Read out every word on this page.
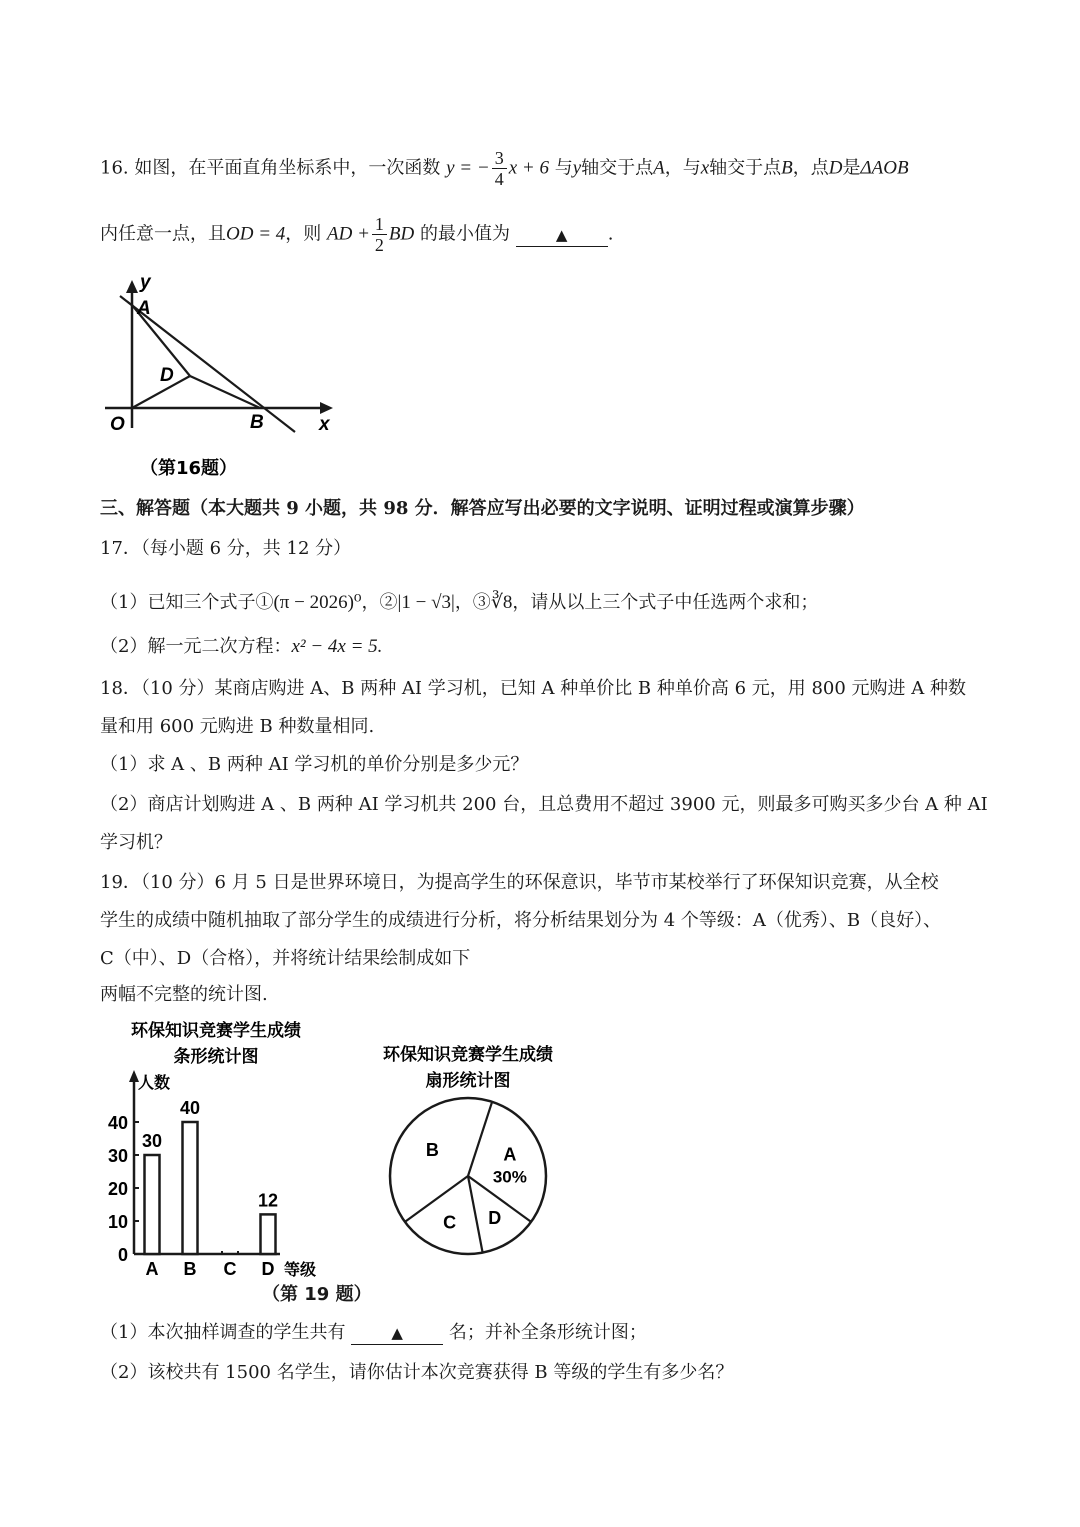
16. 如图，在平面直角坐标系中，一次函数 y = − $\frac{3}{4}$ x + 6 与y轴交于点A，与x轴交于点B，点D是ΔAOB
内任意一点，且OD = 4，则 AD + $\frac{1}{2}$ BD 的最小值为	▲ .
y
A
D
O	B	x
（第16题）
三、解答题（本大题共 9 小题，共 98 分．解答应写出必要的文字说明、证明过程或演算步骤）
17．（每小题 6 分，共 12 分）
（1）已知三个式子①(π − 2026)⁰，②|1 − √3|，③∛8，请从以上三个式子中任选两个求和；
（2）解一元二次方程：x² − 4x = 5.
18．（10 分）某商店购进 A、B 两种 AI 学习机，已知 A 种单价比 B 种单价高 6 元，用 800 元购进 A 种数
量和用 600 元购进 B 种数量相同.
（1）求 A 、B 两种 AI 学习机的单价分别是多少元？
（2）商店计划购进 A 、B 两种 AI 学习机共 200 台，且总费用不超过 3900 元，则最多可购买多少台 A 种 AI
学习机？
19．（10 分）6 月 5 日是世界环境日，为提高学生的环保意识，毕节市某校举行了环保知识竞赛，从全校
学生的成绩中随机抽取了部分学生的成绩进行分析，将分析结果划分为 4 个等级：A（优秀）、B（良好）、
C（中）、D（合格），并将统计结果绘制成如下
两幅不完整的统计图.
环保知识竞赛学生成绩
条形统计图
人数
等级
0
10
20
30
40
30
A
40
B C
12
D
环保知识竞赛学生成绩
扇形统计图
A
30%
D
C
B
（第 19 题）
（1）本次抽样调查的学生共有	▲	名；并补全条形统计图；
（2）该校共有 1500 名学生，请你估计本次竞赛获得 B 等级的学生有多少名？
